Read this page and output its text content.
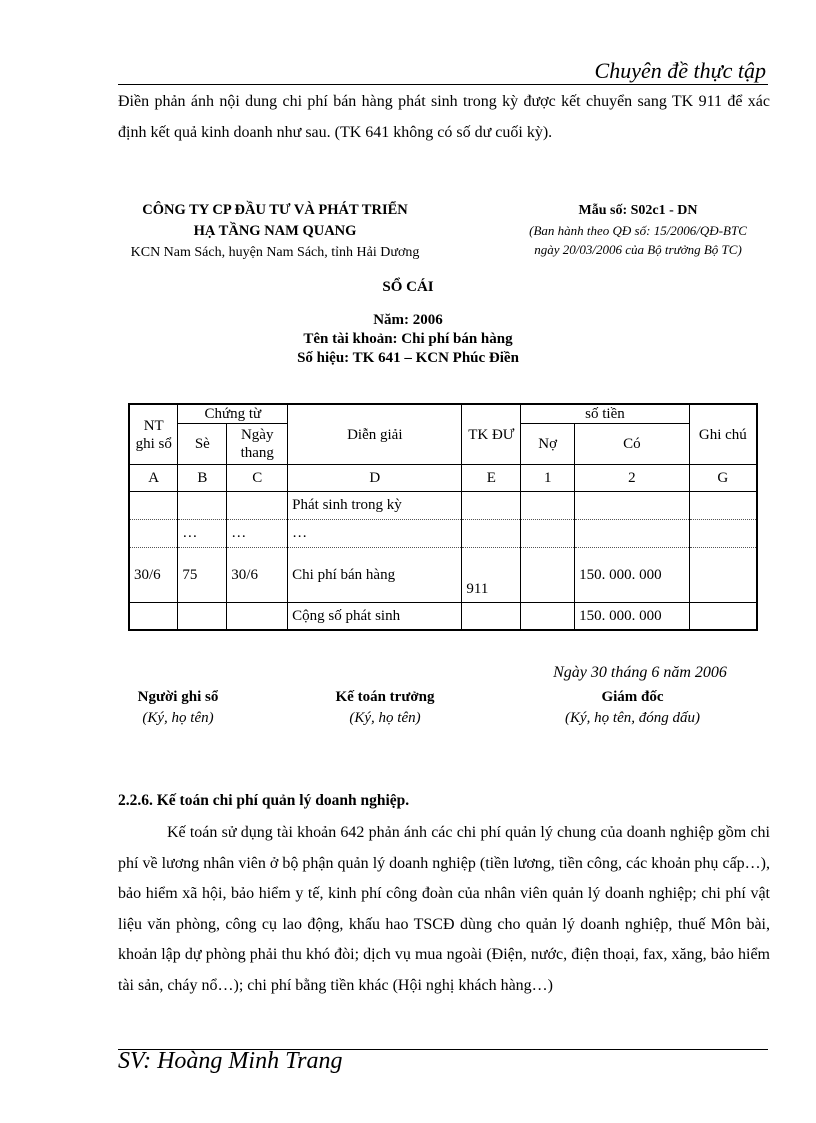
Chuyên đề thực tập
Điền phản ánh nội dung chi phí bán hàng phát sinh trong kỳ được kết chuyển sang TK 911 để xác định kết quả kinh doanh như sau. (TK 641 không có số dư cuối kỳ).
CÔNG TY CP ĐẦU TƯ VÀ PHÁT TRIỂN
HẠ TẦNG NAM QUANG
KCN Nam Sách, huyện Nam Sách, tỉnh Hải Dương
Mẫu số: S02c1 - DN
(Ban hành theo QĐ số: 15/2006/QĐ-BTC
ngày 20/03/2006 của Bộ trưởng Bộ TC)
SỔ CÁI
Năm: 2006
Tên tài khoản: Chi phí bán hàng
Số hiệu: TK 641 – KCN Phúc Điền
NT ghi sổ	Chứng từ		Diễn giải	TK ĐƯ	số tiền		Ghi chú
	Sè	Ngày thang			Nợ	Có	
A	B	C	D	E	1	2	G
			Phát sinh trong kỳ				
	…	…	…				
30/6	75	30/6	Chi phí bán hàng	911		150. 000. 000	
			Cộng số phát sinh			150. 000. 000	
Ngày 30 tháng 6 năm 2006
Người ghi sổ
(Ký, họ tên)
Kế toán trưởng
(Ký, họ tên)
Giám đốc
(Ký, họ tên, đóng dấu)
2.2.6. Kế toán chi phí quản lý doanh nghiệp.
Kế toán sử dụng tài khoản 642 phản ánh các chi phí quản lý chung của doanh nghiệp gồm chi phí về lương nhân viên ở bộ phận quản lý doanh nghiệp (tiền lương, tiền công, các khoản phụ cấp…), bảo hiểm xã hội, bảo hiểm y tế, kinh phí công đoàn của nhân viên quản lý doanh nghiệp; chi phí vật liệu văn phòng, công cụ lao động, khấu hao TSCĐ dùng cho quản lý doanh nghiệp, thuế Môn bài, khoản lập dự phòng phải thu khó đòi; dịch vụ mua ngoài (Điện, nước, điện thoại, fax, xăng, bảo hiểm tài sản, cháy nổ…); chi phí bằng tiền khác (Hội nghị khách hàng…)
SV: Hoàng Minh Trang
